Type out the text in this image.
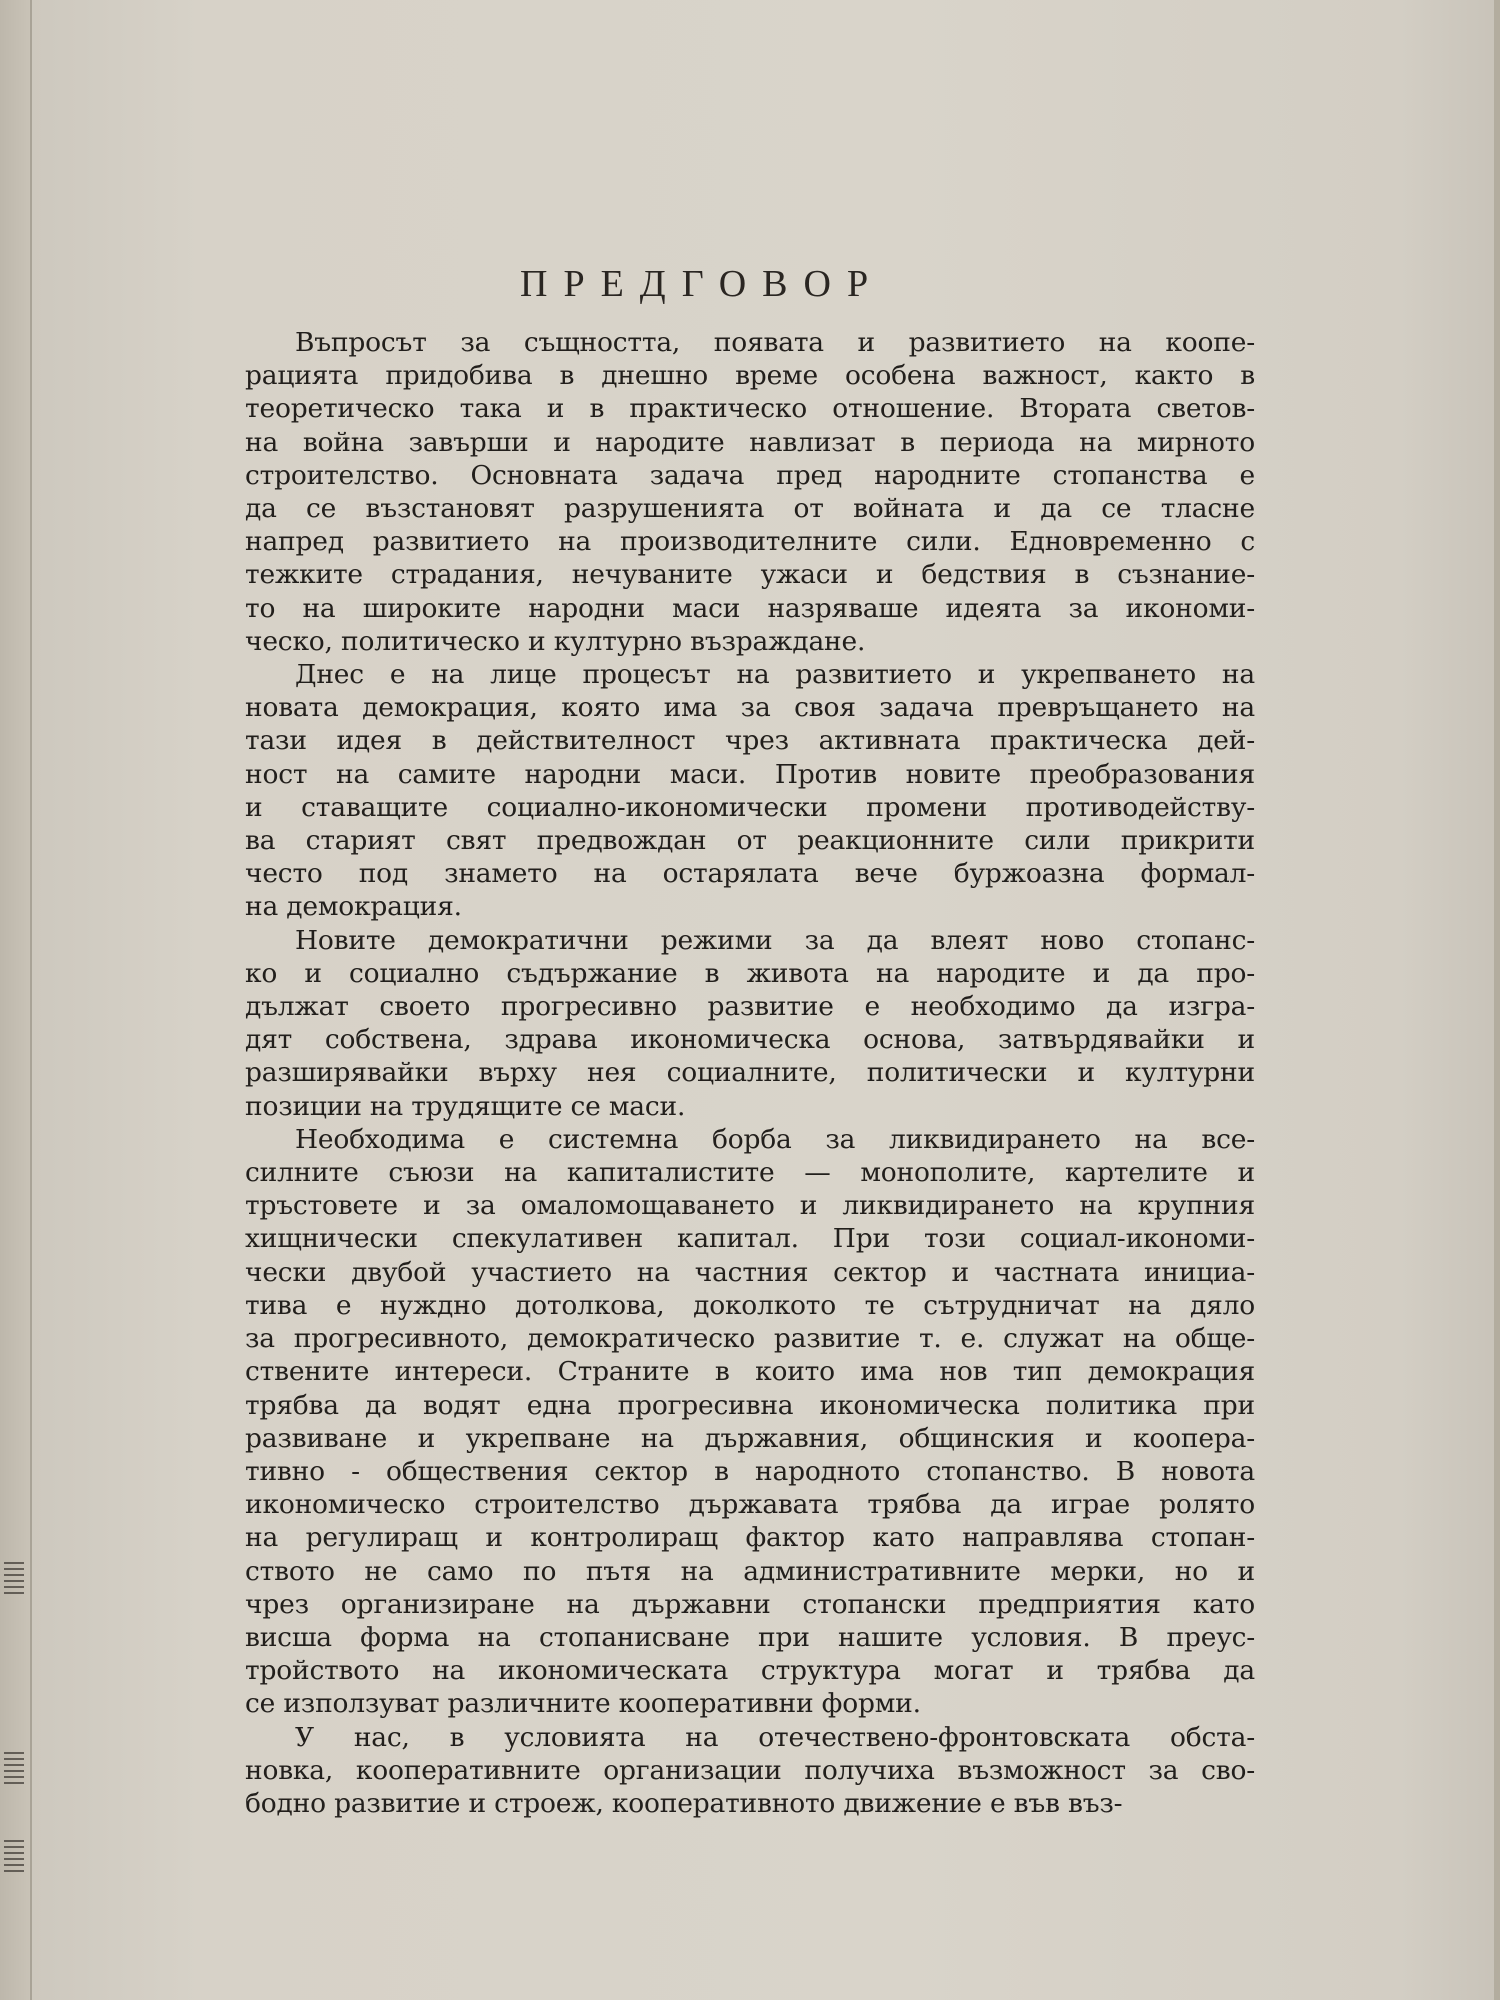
ПРЕДГОВОР
Въпросът за същността, появата и развитието на коопе-
рацията придобива в днешно време особена важност, както в
теоретическо така и в практическо отношение. Втората светов-
на война завърши и народите навлизат в периода на мирното
строителство. Основната задача пред народните стопанства е
да се възстановят разрушенията от войната и да се тласне
напред развитието на производителните сили. Едновременно с
тежките страдания, нечуваните ужаси и бедствия в съзнание-
то на широките народни маси назряваше идеята за икономи-
ческо, политическо и културно възраждане.
Днес е на лице процесът на развитието и укрепването на
новата демокрация, която има за своя задача превръщането на
тази идея в действителност чрез активната практическа дей-
ност на самите народни маси. Против новите преобразования
и ставащите социално-икономически промени противодейству-
ва старият свят предвождан от реакционните сили прикрити
често под знамето на остарялата вече буржоазна формал-
на демокрация.
Новите демократични режими за да влеят ново стопанс-
ко и социално съдържание в живота на народите и да про-
дължат своето прогресивно развитие е необходимо да изгра-
дят собствена, здрава икономическа основа, затвърдявайки и
разширявайки върху нея социалните, политически и културни
позиции на трудящите се маси.
Необходима е системна борба за ликвидирането на все-
силните съюзи на капиталистите — монополите, картелите и
тръстовете и за омаломощаването и ликвидирането на крупния
хищнически спекулативен капитал. При този социал-икономи-
чески двубой участието на частния сектор и частната инициа-
тива е нуждно дотолкова, доколкото те сътрудничат на дяло
за прогресивното, демократическо развитие т. е. служат на обще-
ствените интереси. Страните в които има нов тип демокрация
трябва да водят една прогресивна икономическа политика при
развиване и укрепване на държавния, общинския и коопера-
тивно - обществения сектор в народното стопанство. В новота
икономическо строителство държавата трябва да играе ролято
на регулиращ и контролиращ фактор като направлява стопан-
ството не само по пътя на административните мерки, но и
чрез организиране на държавни стопански предприятия като
висша форма на стопанисване при нашите условия. В преус-
тройството на икономическата структура могат и трябва да
се използуват различните кооперативни форми.
У нас, в условията на отечествено-фронтовската обста-
новка, кооперативните организации получиха възможност за сво-
бодно развитие и строеж, кооперативното движение е във въз-
